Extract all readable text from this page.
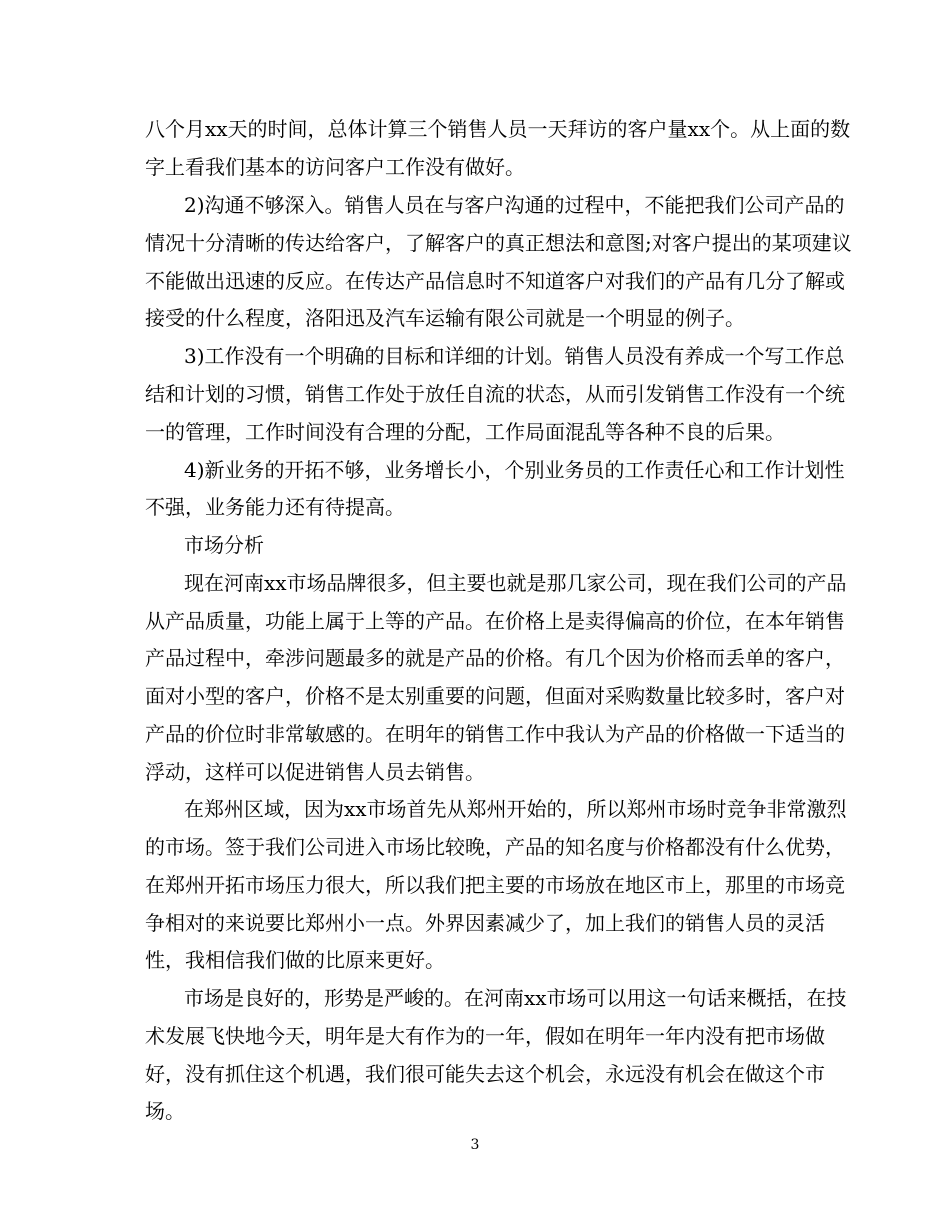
八个月xx天的时间，总体计算三个销售人员一天拜访的客户量xx个。从上面的数
字上看我们基本的访问客户工作没有做好。
2)沟通不够深入。销售人员在与客户沟通的过程中，不能把我们公司产品的
情况十分清晰的传达给客户，了解客户的真正想法和意图;对客户提出的某项建议
不能做出迅速的反应。在传达产品信息时不知道客户对我们的产品有几分了解或
接受的什么程度，洛阳迅及汽车运输有限公司就是一个明显的例子。
3)工作没有一个明确的目标和详细的计划。销售人员没有养成一个写工作总
结和计划的习惯，销售工作处于放任自流的状态，从而引发销售工作没有一个统
一的管理，工作时间没有合理的分配，工作局面混乱等各种不良的后果。
4)新业务的开拓不够，业务增长小，个别业务员的工作责任心和工作计划性
不强，业务能力还有待提高。
市场分析
现在河南xx市场品牌很多，但主要也就是那几家公司，现在我们公司的产品
从产品质量，功能上属于上等的产品。在价格上是卖得偏高的价位，在本年销售
产品过程中，牵涉问题最多的就是产品的价格。有几个因为价格而丢单的客户，
面对小型的客户，价格不是太别重要的问题，但面对采购数量比较多时，客户对
产品的价位时非常敏感的。在明年的销售工作中我认为产品的价格做一下适当的
浮动，这样可以促进销售人员去销售。
在郑州区域，因为xx市场首先从郑州开始的，所以郑州市场时竞争非常激烈
的市场。签于我们公司进入市场比较晚，产品的知名度与价格都没有什么优势，
在郑州开拓市场压力很大，所以我们把主要的市场放在地区市上，那里的市场竞
争相对的来说要比郑州小一点。外界因素减少了，加上我们的销售人员的灵活
性，我相信我们做的比原来更好。
市场是良好的，形势是严峻的。在河南xx市场可以用这一句话来概括，在技
术发展飞快地今天，明年是大有作为的一年，假如在明年一年内没有把市场做
好，没有抓住这个机遇，我们很可能失去这个机会，永远没有机会在做这个市
场。
3
